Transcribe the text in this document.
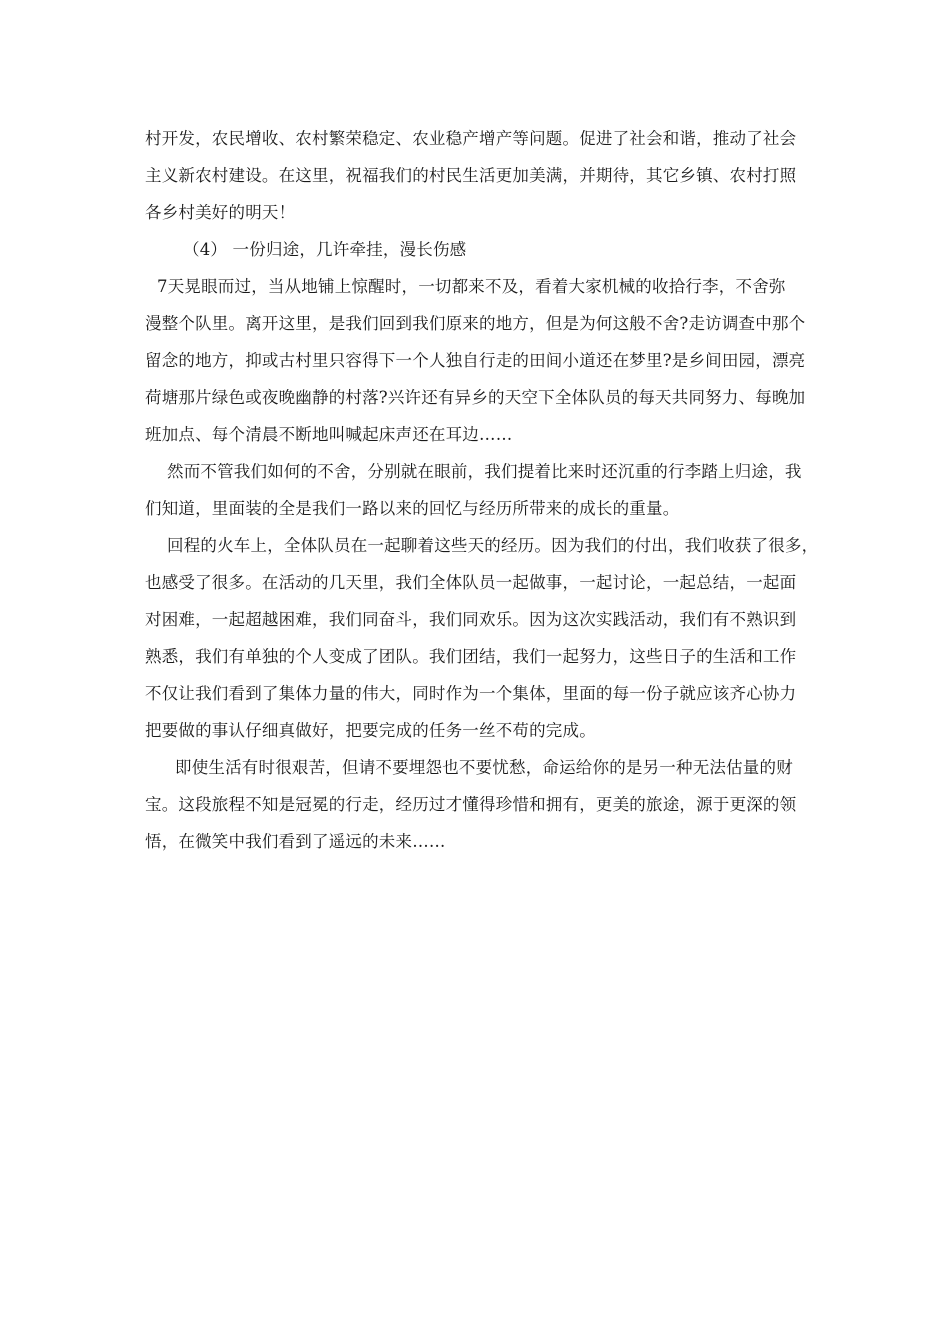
村开发，农民增收、农村繁荣稳定、农业稳产增产等问题。促进了社会和谐，推动了社会
主义新农村建设。在这里，祝福我们的村民生活更加美满，并期待，其它乡镇、农村打照
各乡村美好的明天！
（4） 一份归途，几许牵挂，漫长伤感
7天晃眼而过，当从地铺上惊醒时，一切都来不及，看着大家机械的收拾行李，不舍弥
漫整个队里。离开这里，是我们回到我们原来的地方，但是为何这般不舍?走访调查中那个
留念的地方，抑或古村里只容得下一个人独自行走的田间小道还在梦里?是乡间田园，漂亮
荷塘那片绿色或夜晚幽静的村落?兴许还有异乡的天空下全体队员的每天共同努力、每晚加
班加点、每个清晨不断地叫喊起床声还在耳边……
然而不管我们如何的不舍，分别就在眼前，我们提着比来时还沉重的行李踏上归途，我
们知道，里面装的全是我们一路以来的回忆与经历所带来的成长的重量。
回程的火车上，全体队员在一起聊着这些天的经历。因为我们的付出，我们收获了很多，
也感受了很多。在活动的几天里，我们全体队员一起做事，一起讨论，一起总结，一起面
对困难，一起超越困难，我们同奋斗，我们同欢乐。因为这次实践活动，我们有不熟识到
熟悉，我们有单独的个人变成了团队。我们团结，我们一起努力，这些日子的生活和工作
不仅让我们看到了集体力量的伟大，同时作为一个集体，里面的每一份子就应该齐心协力
把要做的事认仔细真做好，把要完成的任务一丝不苟的完成。
即使生活有时很艰苦，但请不要埋怨也不要忧愁，命运给你的是另一种无法估量的财
宝。这段旅程不知是冠冕的行走，经历过才懂得珍惜和拥有，更美的旅途，源于更深的领
悟，在微笑中我们看到了遥远的未来……
